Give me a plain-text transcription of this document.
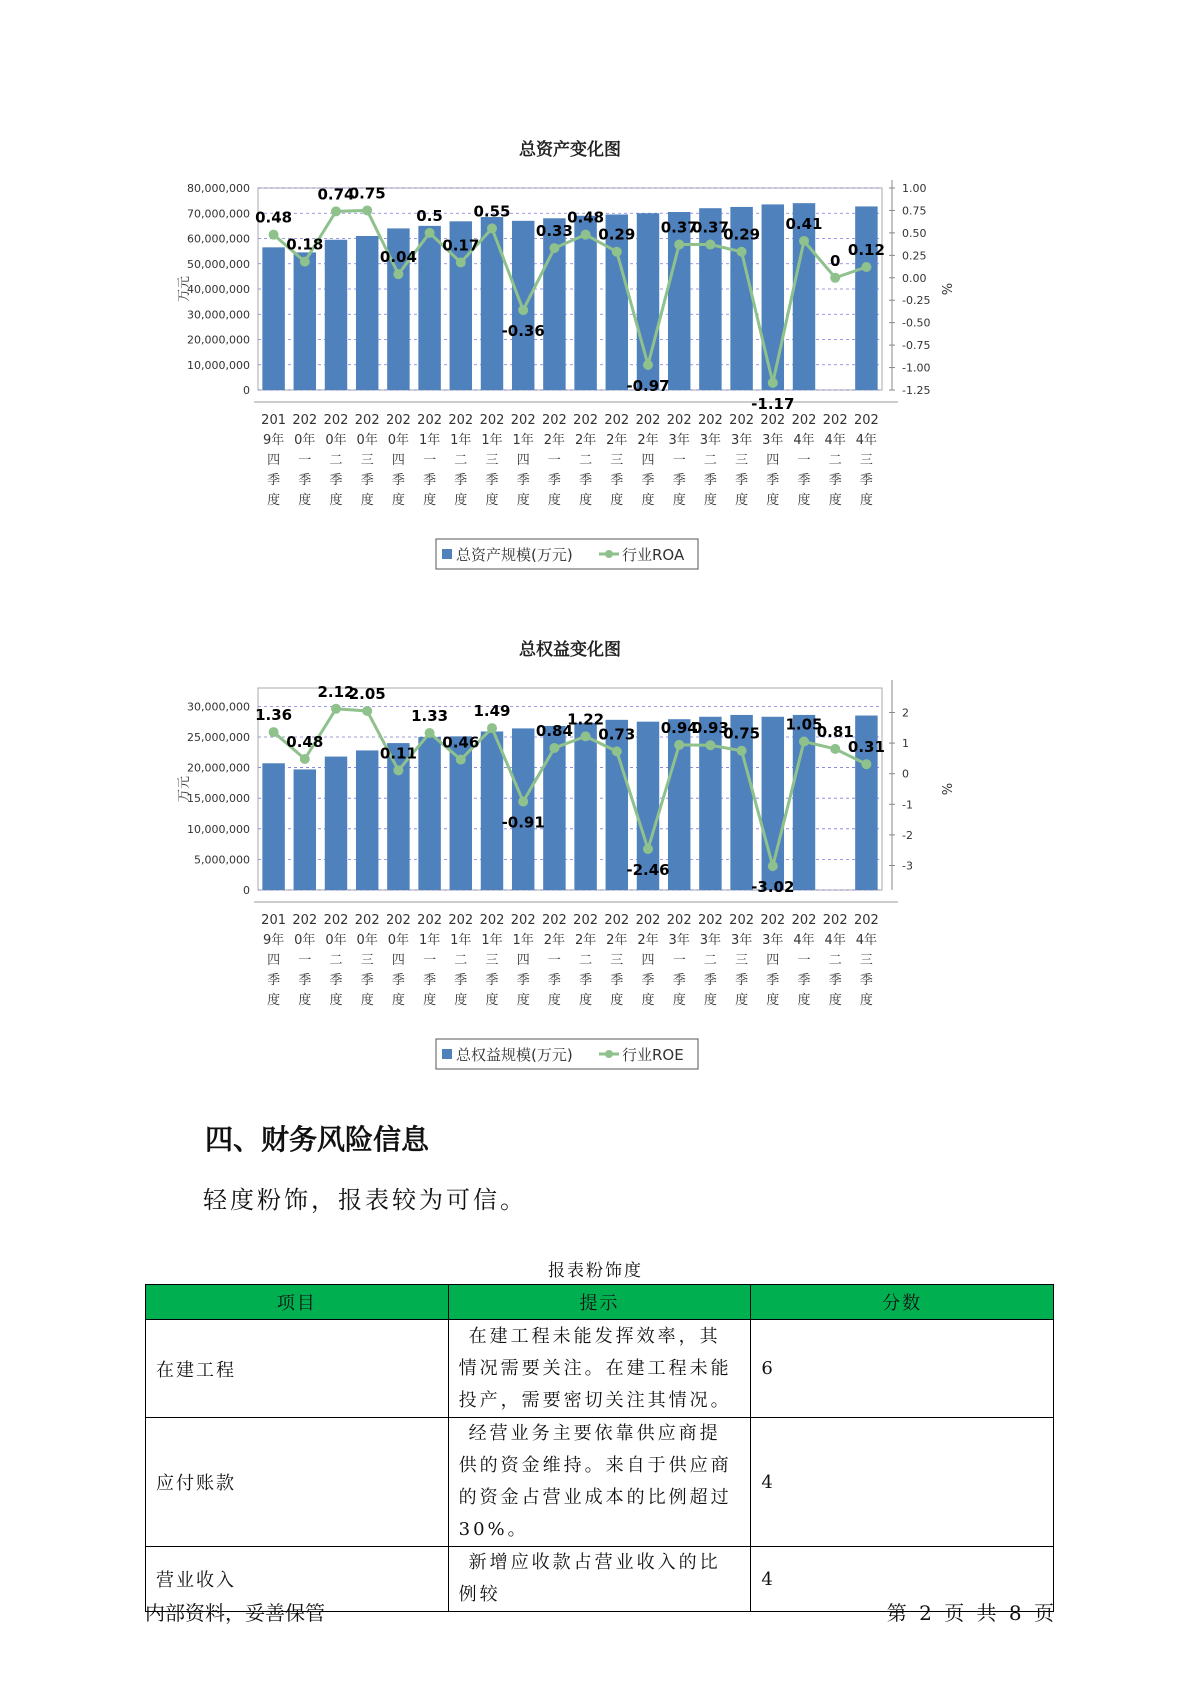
总资产变化图
0
10,000,000
20,000,000
30,000,000
40,000,000
50,000,000
60,000,000
70,000,000
80,000,000	1.00
0.75
0.50
0.25
0.00
-0.25
-0.50
-0.75
-1.00
-1.25
万元	%
201 9年四季度
202 0年一季度
202 0年二季度
202 0年三季度
202 0年四季度
202 1年一季度
202 1年二季度
202 1年三季度
202 1年四季度
202 2年一季度
202 2年二季度
202 2年三季度
202 2年四季度
202 3年一季度
202 3年二季度
202 3年三季度
202 3年四季度
202 4年一季度
202 4年二季度
202 4年三季度
0.48
0.18
0.74
0.75
0.04
0.5
0.17
0.55
-0.36
0.33
0.48
0.29
-0.97
0.37
0.37
0.29
-1.17
0.41
0
0.12
总资产规模(万元)	行业ROA
总权益变化图
0
5,000,000
10,000,000
15,000,000
20,000,000
25,000,000
30,000,000	2
1
0
-1
-2
-3
万元	%
201 9年四季度
202 0年一季度
202 0年二季度
202 0年三季度
202 0年四季度
202 1年一季度
202 1年二季度
202 1年三季度
202 1年四季度
202 2年一季度
202 2年二季度
202 2年三季度
202 2年四季度
202 3年一季度
202 3年二季度
202 3年三季度
202 3年四季度
202 4年一季度
202 4年二季度
202 4年三季度
1.36
0.48
2.12
2.05
0.11
1.33
0.46
1.49
-0.91
0.84
1.22
0.73
-2.46
0.94
0.93
0.75
-3.02
1.05
0.81
0.31
总权益规模(万元)	行业ROE
四、财务风险信息

轻度粉饰，报表较为可信。

报表粉饰度
项目	提示	分数
在建工程	在建工程未能发挥效率，其情况需要关注。在建工程未能投产，需要密切关注其情况。	6
应付账款	经营业务主要依靠供应商提供的资金维持。来自于供应商的资金占营业成本的比例超过30%。	4
营业收入	新增应收款占营业收入的比例较	4
内部资料，妥善保管	第 2 页 共 8 页
